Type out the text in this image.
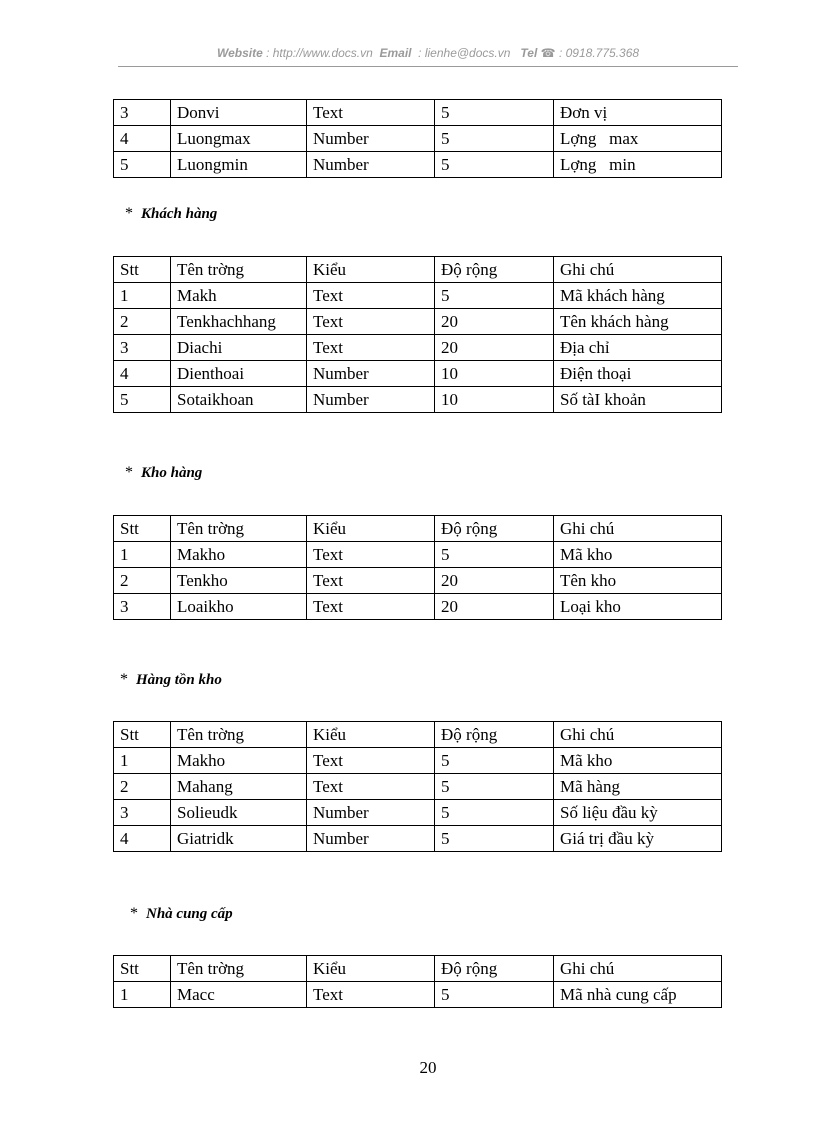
Website : http://www.docs.vn Email : lienhe@docs.vn Tel ☎ : 0918.775.368
3	Donvi	Text	5	Đơn vị
4	Luongmax	Number	5	Lợng   max
5	Luongmin	Number	5	Lợng   min
* Khách hàng
Stt	Tên trờng	Kiểu	Độ rộng	Ghi chú
1	Makh	Text	5	Mã khách hàng
2	Tenkhachhang	Text	20	Tên khách hàng
3	Diachi	Text	20	Địa chỉ
4	Dienthoai	Number	10	Điện thoại
5	Sotaikhoan	Number	10	Số tàI khoản
* Kho hàng
Stt	Tên trờng	Kiểu	Độ rộng	Ghi chú
1	Makho	Text	5	Mã kho
2	Tenkho	Text	20	Tên kho
3	Loaikho	Text	20	Loại kho
* Hàng tồn kho
Stt	Tên trờng	Kiểu	Độ rộng	Ghi chú
1	Makho	Text	5	Mã kho
2	Mahang	Text	5	Mã hàng
3	Solieudk	Number	5	Số liệu đầu kỳ
4	Giatridk	Number	5	Giá trị đầu kỳ
* Nhà cung cấp
Stt	Tên trờng	Kiểu	Độ rộng	Ghi chú
1	Macc	Text	5	Mã nhà cung cấp
20
